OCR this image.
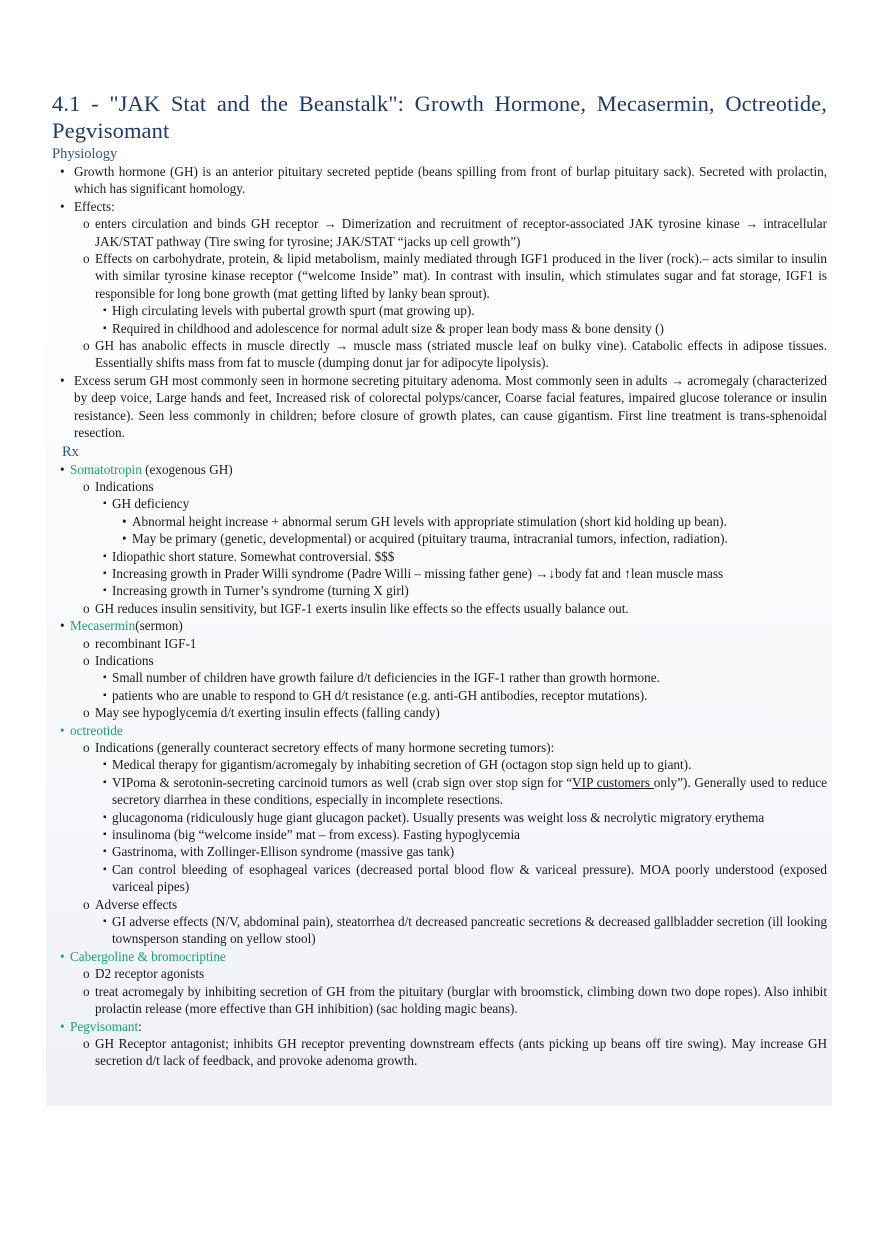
4.1 - "JAK Stat and the Beanstalk": Growth Hormone, Mecasermin, Octreotide, Pegvisomant
Physiology
• Growth hormone (GH) is an anterior pituitary secreted peptide (beans spilling from front of burlap pituitary sack). Secreted with prolactin, which has significant homology.
• Effects:
o enters circulation and binds GH receptor → Dimerization and recruitment of receptor-associated JAK tyrosine kinase → intracellular JAK/STAT pathway (Tire swing for tyrosine; JAK/STAT “jacks up cell growth”)
o Effects on carbohydrate, protein, & lipid metabolism, mainly mediated through IGF1 produced in the liver (rock).– acts similar to insulin with similar tyrosine kinase receptor (“welcome Inside” mat). In contrast with insulin, which stimulates sugar and fat storage, IGF1 is responsible for long bone growth (mat getting lifted by lanky bean sprout).
▪ High circulating levels with pubertal growth spurt (mat growing up).
▪ Required in childhood and adolescence for normal adult size & proper lean body mass & bone density ()
o GH has anabolic effects in muscle directly → muscle mass (striated muscle leaf on bulky vine). Catabolic effects in adipose tissues. Essentially shifts mass from fat to muscle (dumping donut jar for adipocyte lipolysis).
• Excess serum GH most commonly seen in hormone secreting pituitary adenoma. Most commonly seen in adults → acromegaly (characterized by deep voice, Large hands and feet, Increased risk of colorectal polyps/cancer, Coarse facial features, impaired glucose tolerance or insulin resistance). Seen less commonly in children; before closure of growth plates, can cause gigantism. First line treatment is trans-sphenoidal resection.
Rx
• Somatotropin (exogenous GH)
o Indications
▪ GH deficiency
• Abnormal height increase + abnormal serum GH levels with appropriate stimulation (short kid holding up bean).
• May be primary (genetic, developmental) or acquired (pituitary trauma, intracranial tumors, infection, radiation).
▪ Idiopathic short stature. Somewhat controversial. $$$
▪ Increasing growth in Prader Willi syndrome (Padre Willi – missing father gene) →↓body fat and ↑lean muscle mass
▪ Increasing growth in Turner’s syndrome (turning X girl)
o GH reduces insulin sensitivity, but IGF-1 exerts insulin like effects so the effects usually balance out.
• Mecasermin(sermon)
o recombinant IGF-1
o Indications
▪ Small number of children have growth failure d/t deficiencies in the IGF-1 rather than growth hormone.
▪ patients who are unable to respond to GH d/t resistance (e.g. anti-GH antibodies, receptor mutations).
o May see hypoglycemia d/t exerting insulin effects (falling candy)
• octreotide
o Indications (generally counteract secretory effects of many hormone secreting tumors):
▪ Medical therapy for gigantism/acromegaly by inhabiting secretion of GH (octagon stop sign held up to giant).
▪ VIPoma & serotonin-secreting carcinoid tumors as well (crab sign over stop sign for “VIP customers only”). Generally used to reduce secretory diarrhea in these conditions, especially in incomplete resections.
▪ glucagonoma (ridiculously huge giant glucagon packet). Usually presents was weight loss & necrolytic migratory erythema
▪ insulinoma (big “welcome inside” mat – from excess). Fasting hypoglycemia
▪ Gastrinoma, with Zollinger-Ellison syndrome (massive gas tank)
▪ Can control bleeding of esophageal varices (decreased portal blood flow & variceal pressure). MOA poorly understood (exposed variceal pipes)
o Adverse effects
▪ GI adverse effects (N/V, abdominal pain), steatorrhea d/t decreased pancreatic secretions & decreased gallbladder secretion (ill looking townsperson standing on yellow stool)
• Cabergoline & bromocriptine
o D2 receptor agonists
o treat acromegaly by inhibiting secretion of GH from the pituitary (burglar with broomstick, climbing down two dope ropes). Also inhibit prolactin release (more effective than GH inhibition) (sac holding magic beans).
• Pegvisomant:
o GH Receptor antagonist; inhibits GH receptor preventing downstream effects (ants picking up beans off tire swing). May increase GH secretion d/t lack of feedback, and provoke adenoma growth.
